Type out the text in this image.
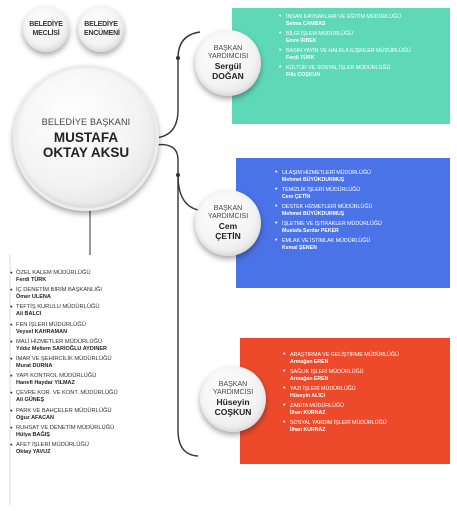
BELEDİYE MECLİSİ
BELEDİYE ENCÜMENİ
BELEDİYE BAŞKANI
MUSTAFA
OKTAY AKSU
• İNSAN KAYNAKLARI VE EĞİTİM MÜDÜRLÜĞÜ
Selma CAMBAS
• BİLGİ İŞLEM MÜDÜRLÜĞÜ
Emre İRBEK
• BASIN YAYIN VE HALKLA İLİŞKİLER MÜDÜRLÜĞÜ
Ferdi TÜRK
• KÜLTÜR VE SOSYAL İŞLER MÜDÜRLÜĞÜ
Filiz COŞKUN
BAŞKAN
YARDIMCISI
Sergül
DOĞAN
• ULAŞIM HİZMETLERİ MÜDÜRLÜĞÜ
Mehmet BÜYÜKDURMUŞ
• TEMİZLİK İŞLERİ MÜDÜRLÜĞÜ
Cem ÇETİN
• DESTEK HİZMETLERİ MÜDÜRLÜĞÜ
Mehmet BÜYÜKDURMUŞ
• İŞLETME VE İŞTİRAKLER MÜDÜRLÜĞÜ
Mustafa Serdar PEKER
• EMLAK VE İSTİMLAK MÜDÜRLÜĞÜ
Kemal ŞENEN
BAŞKAN
YARDIMCISI
Cem
ÇETİN
• ARAŞTIRMA VE GELİŞTİRME MÜDÜRLÜĞÜ
Armağan EREN
• SAĞLIK İŞLERİ MÜDÜRLÜĞÜ
Armağan EREN
• YAZI İŞLERİ MÜDÜRLÜĞÜ
Hüseyin ALICI
• ZABITA MÜDÜRLÜĞÜ
İlhan KURNAZ
• SOSYAL YARDIM İŞLERİ MÜDÜRLÜĞÜ
İlhan KURNAZ
BAŞKAN
YARDIMCISI
Hüseyin
COŞKUN
● ÖZEL KALEM MÜDÜRLÜĞÜ
Ferdi TÜRK
● İÇ DENETİM BİRİM BAŞKANLIĞI
Ömer ULENA
● TEFTİŞ KURULU MÜDÜRLÜĞÜ
Ali BALCI
● FEN İŞLERİ MÜDÜRLÜĞÜ
Veysel KAHRAMAN
● MALİ HİZMETLER MÜDÜRLÜĞÜ
Yıldız Meltem SARIOĞLU AYDINER
● İMAR VE ŞEHİRCİLİK MÜDÜRLÜĞÜ
Murat DURNA
● YAPI KONTROL MÜDÜRLÜĞÜ
Hanefi Haydar YILMAZ
● ÇEVRE KOR. VE KONT. MÜDÜRLÜĞÜ
Ali GÜNEŞ
● PARK VE BAHÇELER MÜDÜRLÜĞÜ
Oğuz AFACAN
● RUHSAT VE DENETİM MÜDÜRLÜĞÜ
Hülya BAĞIŞ
● AFET İŞLERİ MÜDÜRLÜĞÜ
Oktay YAVUZ
